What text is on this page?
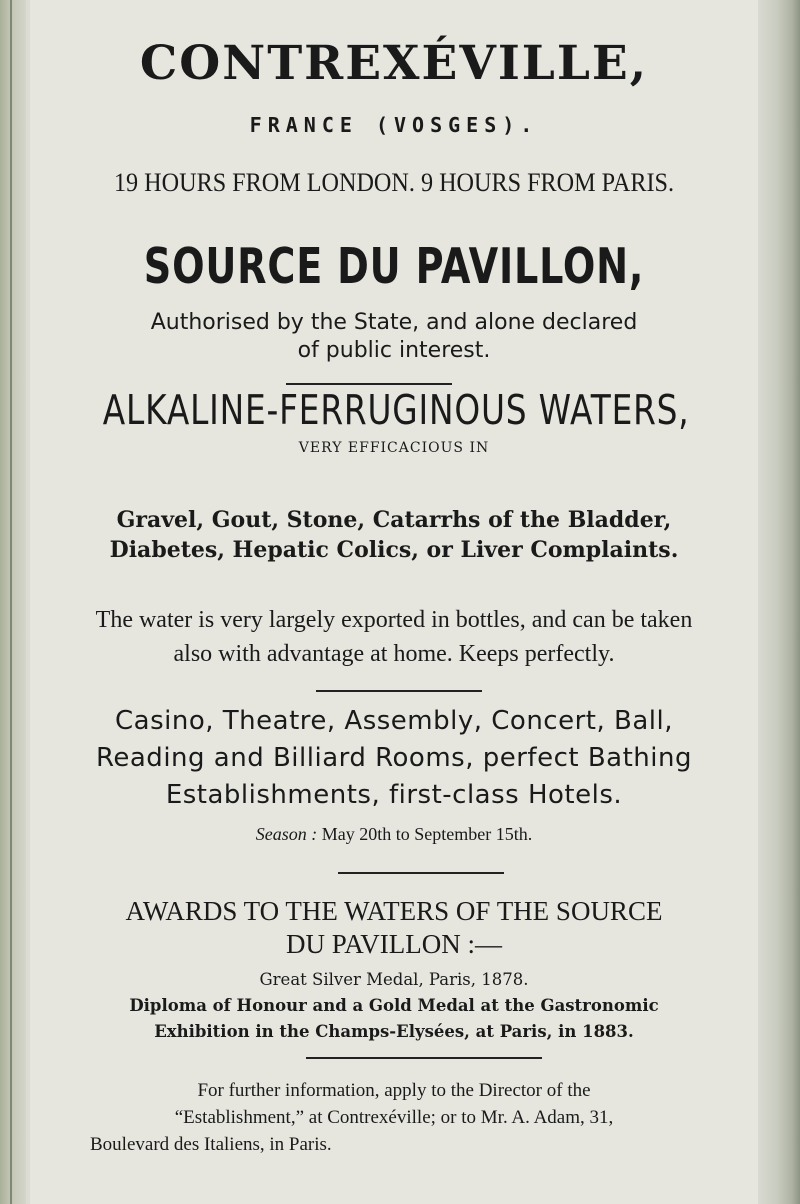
CONTREXÉVILLE,
FRANCE (VOSGES).
19 HOURS FROM LONDON. 9 HOURS FROM PARIS.
SOURCE DU PAVILLON,
Authorised by the State, and alone declared
of public interest.
ALKALINE-FERRUGINOUS WATERS,
VERY EFFICACIOUS IN
Gravel, Gout, Stone, Catarrhs of the Bladder,
Diabetes, Hepatic Colics, or Liver Complaints.
The water is very largely exported in bottles, and can be taken
also with advantage at home. Keeps perfectly.
Casino, Theatre, Assembly, Concert, Ball,
Reading and Billiard Rooms, perfect Bathing
Establishments, first-class Hotels.
Season : May 20th to September 15th.
AWARDS TO THE WATERS OF THE SOURCE
DU PAVILLON :—
Great Silver Medal, Paris, 1878.
Diploma of Honour and a Gold Medal at the Gastronomic
Exhibition in the Champs-Elysées, at Paris, in 1883.
For further information, apply to the Director of the
“Establishment,” at Contrexéville; or to Mr. A. Adam, 31,
Boulevard des Italiens, in Paris.
